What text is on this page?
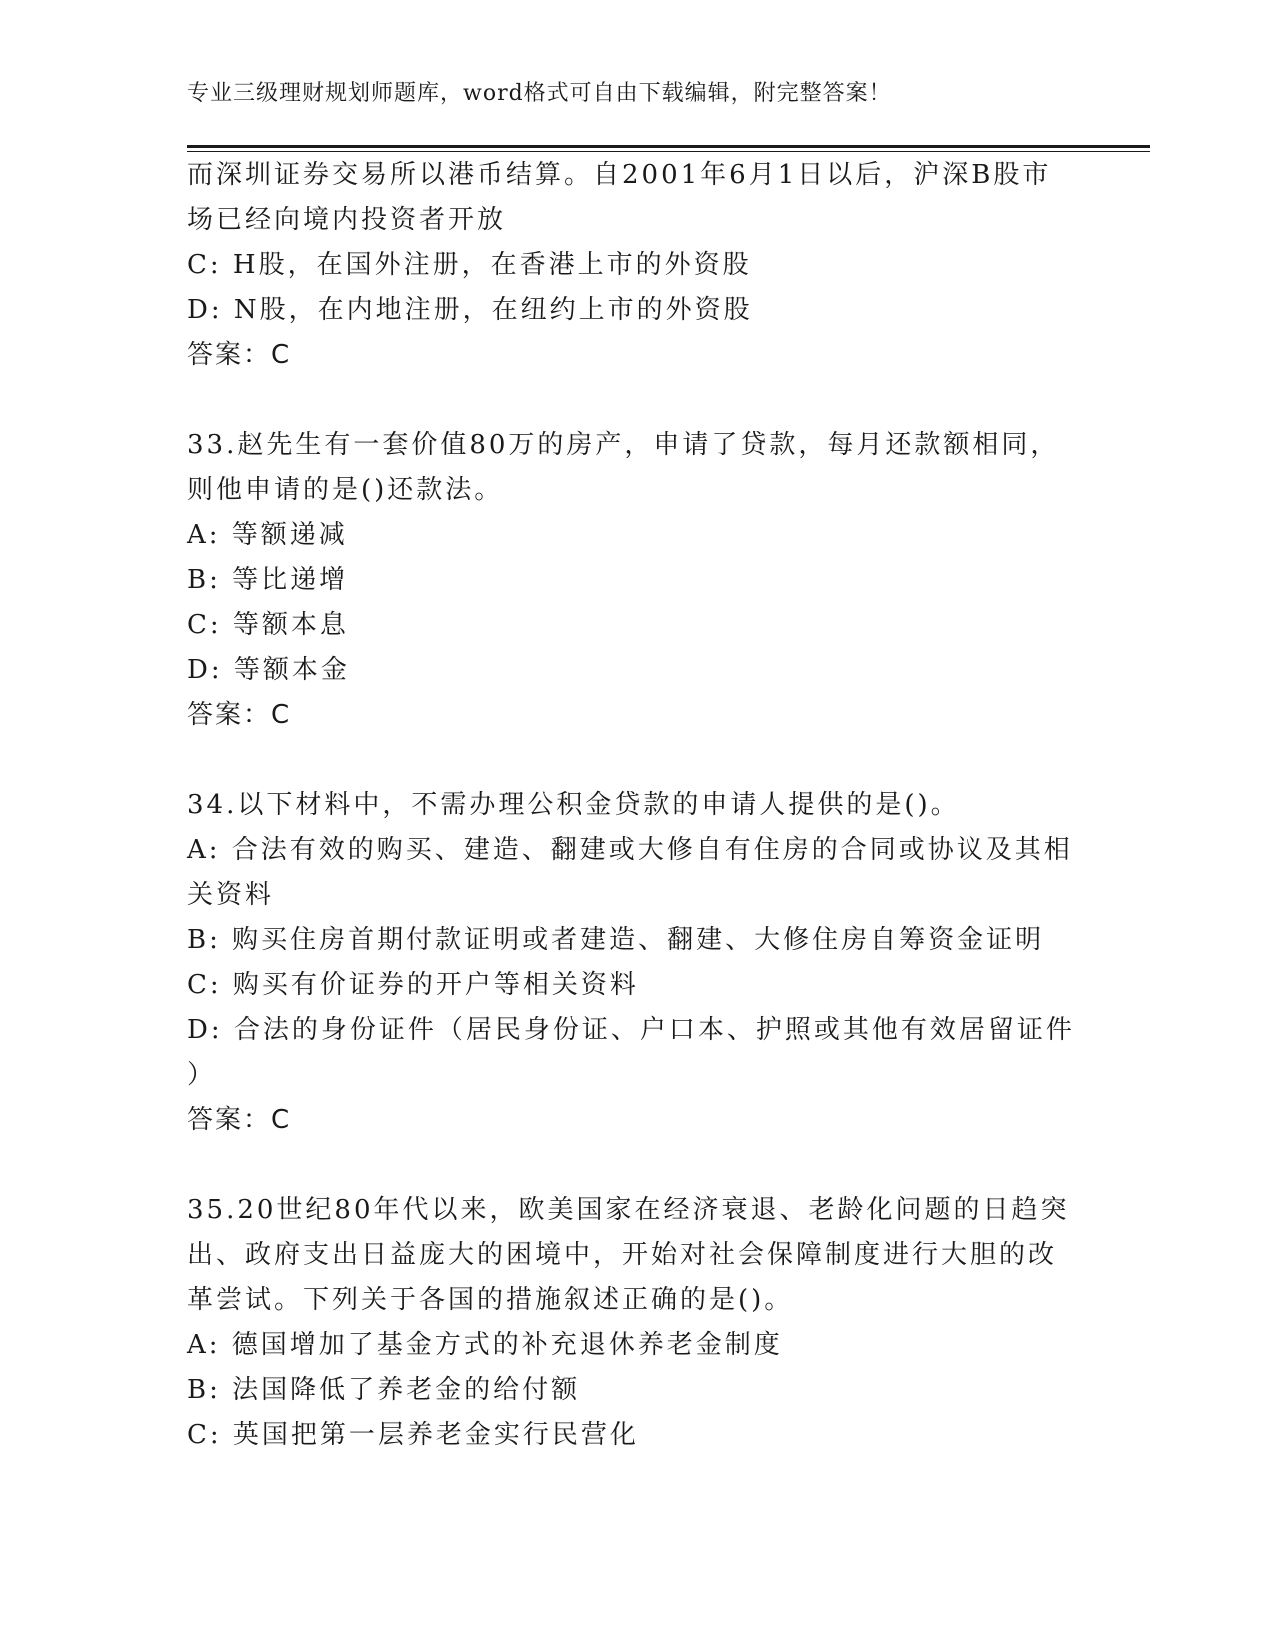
专业三级理财规划师题库，word格式可自由下载编辑，附完整答案！
而深圳证券交易所以港币结算。自2001年6月1日以后，沪深B股市
场已经向境内投资者开放
C: H股，在国外注册，在香港上市的外资股
D: N股，在内地注册，在纽约上市的外资股
答案：C
33.赵先生有一套价值80万的房产，申请了贷款，每月还款额相同，
则他申请的是()还款法。
A: 等额递减
B: 等比递增
C: 等额本息
D: 等额本金
答案：C
34.以下材料中，不需办理公积金贷款的申请人提供的是()。
A: 合法有效的购买、建造、翻建或大修自有住房的合同或协议及其相
关资料
B: 购买住房首期付款证明或者建造、翻建、大修住房自筹资金证明
C: 购买有价证券的开户等相关资料
D: 合法的身份证件（居民身份证、户口本、护照或其他有效居留证件
）
答案：C
35.20世纪80年代以来，欧美国家在经济衰退、老龄化问题的日趋突
出、政府支出日益庞大的困境中，开始对社会保障制度进行大胆的改
革尝试。下列关于各国的措施叙述正确的是()。
A: 德国增加了基金方式的补充退休养老金制度
B: 法国降低了养老金的给付额
C: 英国把第一层养老金实行民营化
